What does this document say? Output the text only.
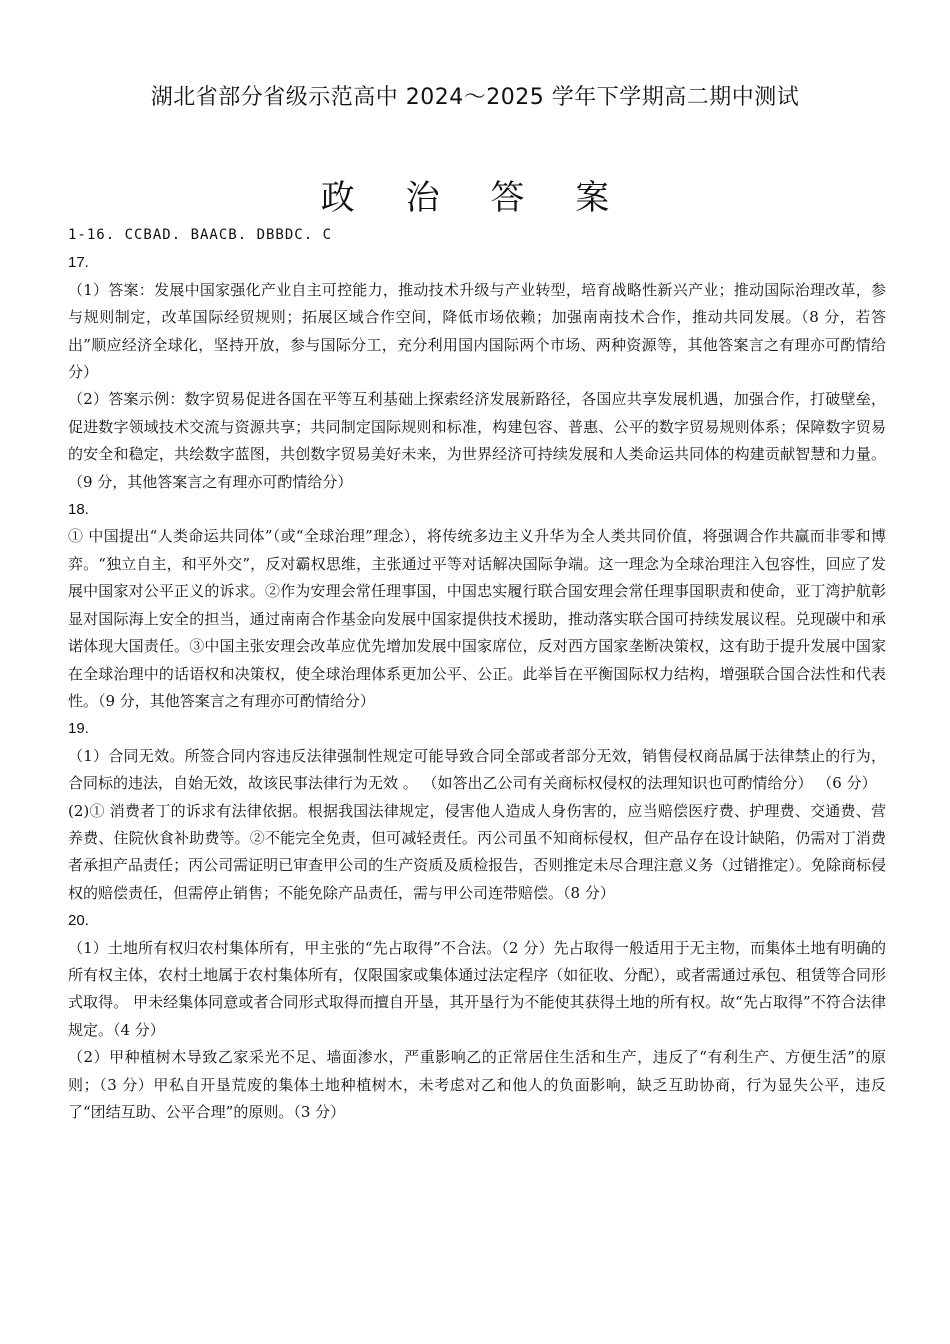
湖北省部分省级示范高中 2024～2025 学年下学期高二期中测试
政 治 答 案

1-16. CCBAD. BAACB. DBBDC. C

17.

（1）答案：发展中国家强化产业自主可控能力，推动技术升级与产业转型，培育战略性新兴产业；推动国际治理改革，参与规则制定，改革国际经贸规则；拓展区域合作空间，降低市场依赖；加强南南技术合作，推动共同发展。（8 分，若答出”顺应经济全球化，坚持开放，参与国际分工，充分利用国内国际两个市场、两种资源等，其他答案言之有理亦可酌情给分）

（2）答案示例：数字贸易促进各国在平等互利基础上探索经济发展新路径，各国应共享发展机遇，加强合作，打破壁垒，促进数字领域技术交流与资源共享；共同制定国际规则和标准，构建包容、普惠、公平的数字贸易规则体系；保障数字贸易的安全和稳定，共绘数字蓝图，共创数字贸易美好未来，为世界经济可持续发展和人类命运共同体的构建贡献智慧和力量。（9 分，其他答案言之有理亦可酌情给分）

18.

① 中国提出“人类命运共同体”（或“全球治理”理念），将传统多边主义升华为全人类共同价值，将强调合作共赢而非零和博弈。“独立自主，和平外交”，反对霸权思维，主张通过平等对话解决国际争端。这一理念为全球治理注入包容性，回应了发展中国家对公平正义的诉求。②作为安理会常任理事国，中国忠实履行联合国安理会常任理事国职责和使命，亚丁湾护航彰显对国际海上安全的担当，通过南南合作基金向发展中国家提供技术援助，推动落实联合国可持续发展议程。兑现碳中和承诺体现大国责任。③中国主张安理会改革应优先增加发展中国家席位，反对西方国家垄断决策权，这有助于提升发展中国家在全球治理中的话语权和决策权，使全球治理体系更加公平、公正。此举旨在平衡国际权力结构，增强联合国合法性和代表性。（9 分，其他答案言之有理亦可酌情给分）

19.

（1）合同无效。所签合同内容违反法律强制性规定可能导致合同全部或者部分无效，销售侵权商品属于法律禁止的行为，合同标的违法，自始无效，故该民事法律行为无效 。 （如答出乙公司有关商标权侵权的法理知识也可酌情给分） （6 分）

(2)① 消费者丁的诉求有法律依据。根据我国法律规定，侵害他人造成人身伤害的，应当赔偿医疗费、护理费、交通费、营养费、住院伙食补助费等。②不能完全免责，但可减轻责任。丙公司虽不知商标侵权，但产品存在设计缺陷，仍需对丁消费者承担产品责任；丙公司需证明已审查甲公司的生产资质及质检报告，否则推定未尽合理注意义务（过错推定）。免除商标侵权的赔偿责任，但需停止销售；不能免除产品责任，需与甲公司连带赔偿。（8 分）

20.

（1）土地所有权归农村集体所有，甲主张的“先占取得”不合法。（2 分）先占取得一般适用于无主物，而集体土地有明确的所有权主体，农村土地属于农村集体所有，仅限国家或集体通过法定程序（如征收、分配），或者需通过承包、租赁等合同形式取得。 甲未经集体同意或者合同形式取得而擅自开垦，其开垦行为不能使其获得土地的所有权。故“先占取得”不符合法律规定。（4 分）

（2）甲种植树木导致乙家采光不足、墙面渗水，严重影响乙的正常居住生活和生产，违反了“有利生产、方便生活”的原则；（3 分）甲私自开垦荒废的集体土地种植树木，未考虑对乙和他人的负面影响，缺乏互助协商，行为显失公平，违反了“团结互助、公平合理”的原则。（3 分）
